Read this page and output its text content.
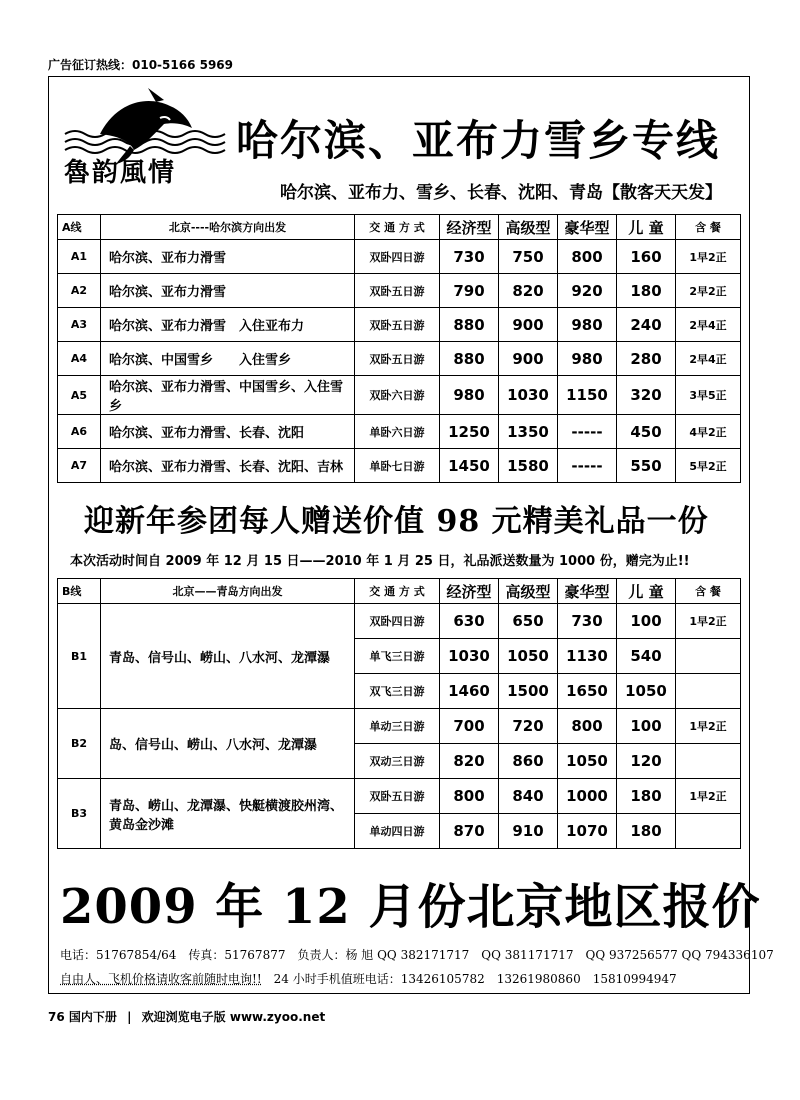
广告征订热线：010-5166 5969
魯韵風情
哈尔滨、亚布力雪乡专线
哈尔滨、亚布力、雪乡、长春、沈阳、青岛【散客天天发】
A线	北京----哈尔滨方向出发	交 通 方 式	经济型	高级型	豪华型	儿 童	含 餐
A1	哈尔滨、亚布力滑雪	双卧四日游	730	750	800	160	1早2正
A2	哈尔滨、亚布力滑雪	双卧五日游	790	820	920	180	2早2正
A3	哈尔滨、亚布力滑雪　入住亚布力	双卧五日游	880	900	980	240	2早4正
A4	哈尔滨、中国雪乡　　入住雪乡	双卧五日游	880	900	980	280	2早4正
A5	哈尔滨、亚布力滑雪、中国雪乡、入住雪乡	双卧六日游	980	1030	1150	320	3早5正
A6	哈尔滨、亚布力滑雪、长春、沈阳	单卧六日游	1250	1350	-----	450	4早2正
A7	哈尔滨、亚布力滑雪、长春、沈阳、吉林	单卧七日游	1450	1580	-----	550	5早2正
迎新年参团每人赠送价值 98 元精美礼品一份
本次活动时间自 2009 年 12 月 15 日——2010 年 1 月 25 日，礼品派送数量为 1000 份，赠完为止!!
B线	北京——青岛方向出发	交 通 方 式	经济型	高级型	豪华型	儿 童	含 餐
B1	青岛、信号山、崂山、八水河、龙潭瀑	双卧四日游	630	650	730	100	1早2正
		单飞三日游	1030	1050	1130	540	
		双飞三日游	1460	1500	1650	1050	
B2	岛、信号山、崂山、八水河、龙潭瀑	单动三日游	700	720	800	100	1早2正
		双动三日游	820	860	1050	120	
B3	青岛、崂山、龙潭瀑、快艇横渡胶州湾、黄岛金沙滩	双卧五日游	800	840	1000	180	1早2正
		单动四日游	870	910	1070	180	
2009 年 12 月份北京地区报价
电话：51767854/64　传真：51767877　负责人：杨 旭 QQ 382171717　QQ 381171717　QQ 937256577 QQ 794336107
自由人、飞机价格请收客前随时电询!!　24 小时手机值班电话：13426105782　13261980860　15810994947
76 国内下册 | 欢迎浏览电子版 www.zyoo.net
